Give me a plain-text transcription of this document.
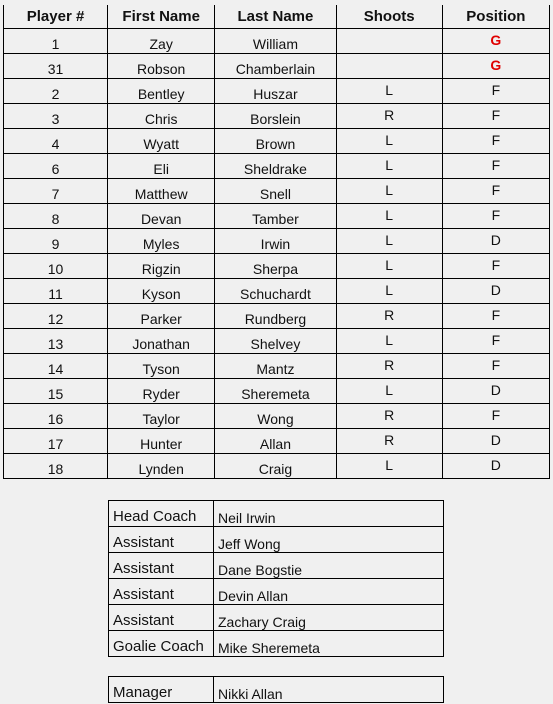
Player #	First Name	Last Name	Shoots	Position
1	Zay	William		G
31	Robson	Chamberlain		G
2	Bentley	Huszar	L	F
3	Chris	Borslein	R	F
4	Wyatt	Brown	L	F
6	Eli	Sheldrake	L	F
7	Matthew	Snell	L	F
8	Devan	Tamber	L	F
9	Myles	Irwin	L	D
10	Rigzin	Sherpa	L	F
11	Kyson	Schuchardt	L	D
12	Parker	Rundberg	R	F
13	Jonathan	Shelvey	L	F
14	Tyson	Mantz	R	F
15	Ryder	Sheremeta	L	D
16	Taylor	Wong	R	F
17	Hunter	Allan	R	D
18	Lynden	Craig	L	D
Head Coach	Neil Irwin
Assistant	Jeff Wong
Assistant	Dane Bogstie
Assistant	Devin Allan
Assistant	Zachary Craig
Goalie Coach	Mike Sheremeta
Manager	Nikki Allan
